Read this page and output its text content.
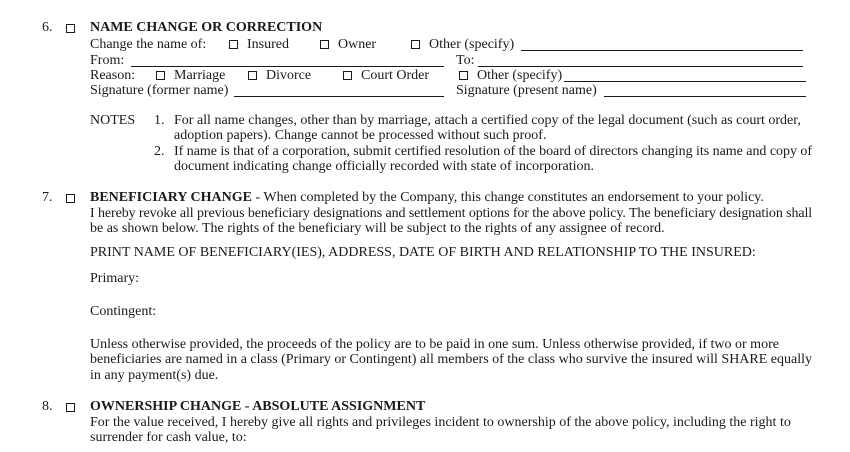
6.	NAME CHANGE OR CORRECTION
Change the name of:	Insured	Owner	Other (specify)
From:	To:
Reason:	Marriage	Divorce	Court Order	Other (specify)
Signature (former name)	Signature (present name)
NOTES 1. For all name changes, other than by marriage, attach a certified copy of the legal document (such as court order,
adoption papers). Change cannot be processed without such proof.
2. If name is that of a corporation, submit certified resolution of the board of directors changing its name and copy of
document indicating change officially recorded with state of incorporation.
7.	BENEFICIARY CHANGE - When completed by the Company, this change constitutes an endorsement to your policy.
I hereby revoke all previous beneficiary designations and settlement options for the above policy. The beneficiary designation shall
be as shown below. The rights of the beneficiary will be subject to the rights of any assignee of record.
PRINT NAME OF BENEFICIARY(IES), ADDRESS, DATE OF BIRTH AND RELATIONSHIP TO THE INSURED:
Primary:
Contingent:
Unless otherwise provided, the proceeds of the policy are to be paid in one sum. Unless otherwise provided, if two or more
beneficiaries are named in a class (Primary or Contingent) all members of the class who survive the insured will SHARE equally
in any payment(s) due.
8.	OWNERSHIP CHANGE - ABSOLUTE ASSIGNMENT
For the value received, I hereby give all rights and privileges incident to ownership of the above policy, including the right to
surrender for cash value, to:
